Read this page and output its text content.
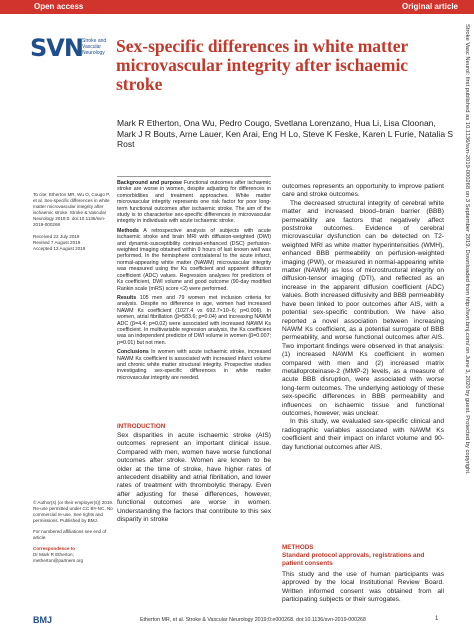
Open access	Original article
SVN Stroke and Vascular Neurology Sex-specific differences in white matter microvascular integrity after ischaemic stroke
Mark R Etherton, Ona Wu, Pedro Cougo, Svetlana Lorenzano, Hua Li, Lisa Cloonan, Mark J R Bouts, Arne Lauer, Ken Arai, Eng H Lo, Steve K Feske, Karen L Furie, Natalia S Rost

To cite: Etherton MR, Wu O, Cougo P, et al. Sex-specific differences in white matter microvascular integrity after ischaemic stroke. Stroke & Vascular Neurology 2019;0. doi:10.1136/svn-2019-000268

Received 22 July 2019
Revised 7 August 2019
Accepted 12 August 2019

Background and purpose Functional outcomes after ischaemic stroke are worse in women, despite adjusting for differences in comorbidities and treatment approaches. White matter microvascular integrity represents one risk factor for poor long-term functional outcomes after ischaemic stroke. The aim of the study is to characterise sex-specific differences in microvascular integrity in individuals with acute ischaemic stroke.

Methods A retrospective analysis of subjects with acute ischaemic stroke and brain MRI with diffusion-weighted (DWI) and dynamic-susceptibility contrast-enhanced (DSC) perfusion-weighted imaging obtained within 9 hours of last known well was performed. In the hemisphere contralateral to the acute infarct, normal-appearing white matter (NAWM) microvascular integrity was measured using the Ks coefficient and apparent diffusion coefficient (ADC) values. Regression analyses for predictors of Ks coefficient, DWI volume and good outcome (90-day modified Rankin scale (mRS) score <2) were performed.

Results 105 men and 79 women met inclusion criteria for analysis. Despite no difference in age, women had increased NAWM Ks coefficient (1027.4 vs 692.7×10−6; p=0.006). In women, atrial fibrillation (β=583.6; p=0.04) and increasing NAWM ADC (β=4.4; p=0.02) were associated with increased NAWM Ks coefficient. In multivariable regression analysis, the Ks coefficient was an independent predictor of DWI volume in women (β=0.007; p=0.01) but not men.

Conclusions In women with acute ischaemic stroke, increased NAWM Ks coefficient is associated with increased infarct volume and chronic white matter structural integrity. Prospective studies investigating sex-specific differences in white matter microvascular integrity are needed.

© Author(s) (or their employer(s)) 2019. Re-use permitted under CC BY-NC. No commercial re-use. See rights and permissions. Published by BMJ.

For numbered affiliations see end of article.

Correspondence to

Dr Mark R Etherton; metherton@partners.org

INTRODUCTION
Sex disparities in acute ischaemic stroke (AIS) outcomes represent an important clinical issue. Compared with men, women have worse functional outcomes after stroke. Women are known to be older at the time of stroke, have higher rates of antecedent disability and atrial fibrillation, and lower rates of treatment with thrombolytic therapy. Even after adjusting for these differences, however, functional outcomes are worse in women. Understanding the factors that contribute to this sex disparity in stroke

outcomes represents an opportunity to improve patient care and stroke outcomes.

The decreased structural integrity of cerebral white matter and increased blood–brain barrier (BBB) permeability are factors that negatively affect poststroke outcomes. Evidence of cerebral microvascular dysfunction can be detected on T2-weighted MRI as white matter hyperintensities (WMH), enhanced BBB permeability on perfusion-weighted imaging (PWI), or measured in normal-appearing white matter (NAWM) as loss of microstructural integrity on diffusion-tensor imaging (DTI), and reflected as an increase in the apparent diffusion coefficient (ADC) values. Both increased diffusivity and BBB permeability have been linked to poor outcomes after AIS, with a potential sex-specific contribution. We have also reported a novel association between increasing NAWM Ks coefficient, as a potential surrogate of BBB permeability, and worse functional outcomes after AIS. Two important findings were observed in that analysis: (1) increased NAWM Ks coefficient in women compared with men and (2) increased matrix metalloproteinase-2 (MMP-2) levels, as a measure of acute BBB disruption, were associated with worse long-term outcomes. The underlying aetiology of these sex-specific differences in BBB permeability and influences on ischaemic tissue and functional outcomes, however, was unclear.

In this study, we evaluated sex-specific clinical and radiographic variables associated with NAWM Ks coefficient and their impact on infarct volume and 90-day functional outcomes after AIS.

METHODS
Standard protocol approvals, registrations and patient consents
This study and the use of human participants was approved by the local Institutional Review Board. Written informed consent was obtained from all participating subjects or their surrogates.
BMJ	Etherton MR, et al. Stroke & Vascular Neurology 2019;0:e000268. doi:10.1136/svn-2019-000268	1
Stroke Vasc Neurol: first published as 10.1136/svn-2019-000268 on 3 September 2019. Downloaded from http://svn.bmj.com/ on June 3, 2020 by guest. Protected by copyright.
